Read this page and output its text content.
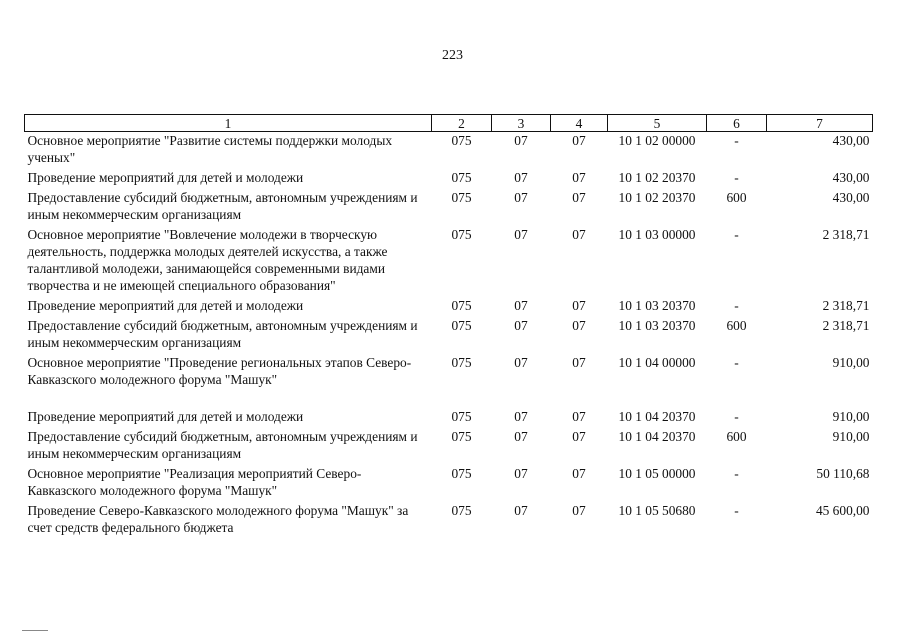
223
1	2	3	4	5	6	7
Основное мероприятие "Развитие системы поддержки молодых ученых"	075	07	07	10 1 02 00000	-	430,00
Проведение мероприятий для детей и молодежи	075	07	07	10 1 02 20370	-	430,00
Предоставление субсидий бюджетным, автономным учреждениям и иным некоммерческим организациям	075	07	07	10 1 02 20370	600	430,00
Основное мероприятие "Вовлечение молодежи в творческую деятельность, поддержка молодых деятелей искусства, а также талантливой молодежи, занимающейся современными видами творчества и не имеющей специального образования"	075	07	07	10 1 03 00000	-	2 318,71
Проведение мероприятий для детей и молодежи	075	07	07	10 1 03 20370	-	2 318,71
Предоставление субсидий бюджетным, автономным учреждениям и иным некоммерческим организациям	075	07	07	10 1 03 20370	600	2 318,71
Основное мероприятие "Проведение региональных этапов Северо-Кавказского молодежного форума "Машук"	075	07	07	10 1 04 00000	-	910,00
Проведение мероприятий для детей и молодежи	075	07	07	10 1 04 20370	-	910,00
Предоставление субсидий бюджетным, автономным учреждениям и иным некоммерческим организациям	075	07	07	10 1 04 20370	600	910,00
Основное мероприятие "Реализация мероприятий Северо-Кавказского молодежного форума "Машук"	075	07	07	10 1 05 00000	-	50 110,68
Проведение Северо-Кавказского молодежного форума "Машук" за счет средств федерального бюджета	075	07	07	10 1 05 50680	-	45 600,00
